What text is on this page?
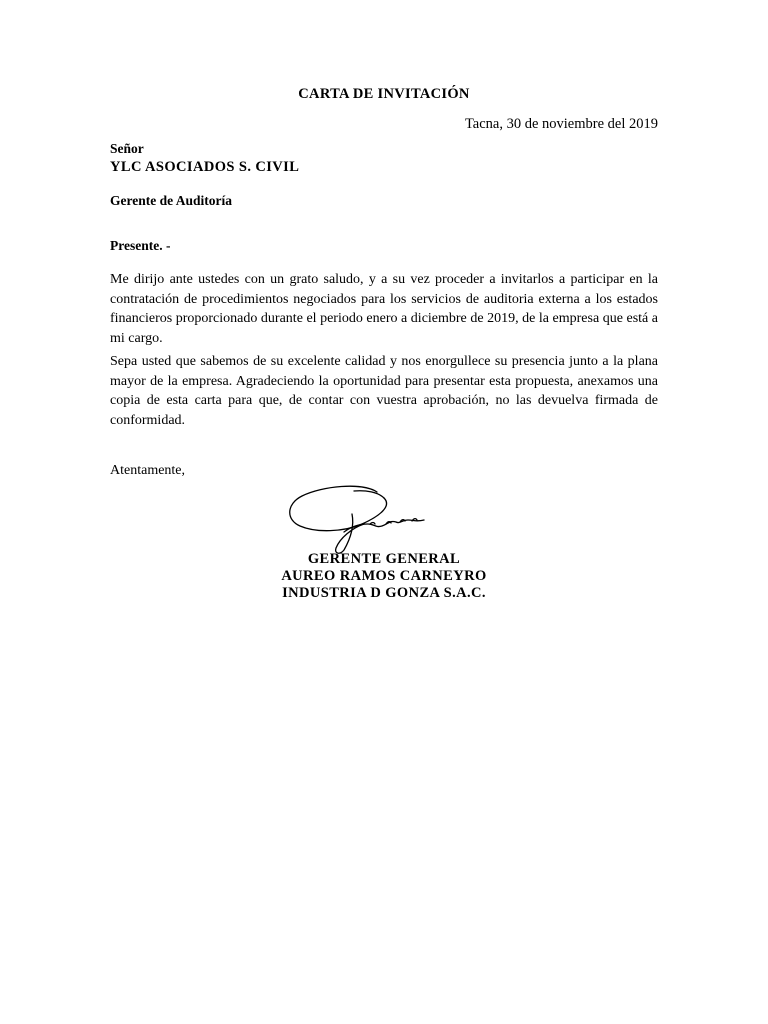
CARTA DE INVITACIÓN
Tacna, 30 de noviembre del 2019
Señor
YLC ASOCIADOS S. CIVIL
Gerente de Auditoría
Presente. -
Me dirijo ante ustedes con un grato saludo, y a su vez proceder a invitarlos a participar en la contratación de procedimientos negociados para los servicios de auditoria externa a los estados financieros proporcionado durante el periodo enero a diciembre de 2019, de la empresa que está a mi cargo.
Sepa usted que sabemos de su excelente calidad y nos enorgullece su presencia junto a la plana mayor de la empresa. Agradeciendo la oportunidad para presentar esta propuesta, anexamos una copia de esta carta para que, de contar con vuestra aprobación, no las devuelva firmada de conformidad.
Atentamente,
GERENTE GENERAL
AUREO RAMOS CARNEYRO
INDUSTRIA D GONZA S.A.C.
